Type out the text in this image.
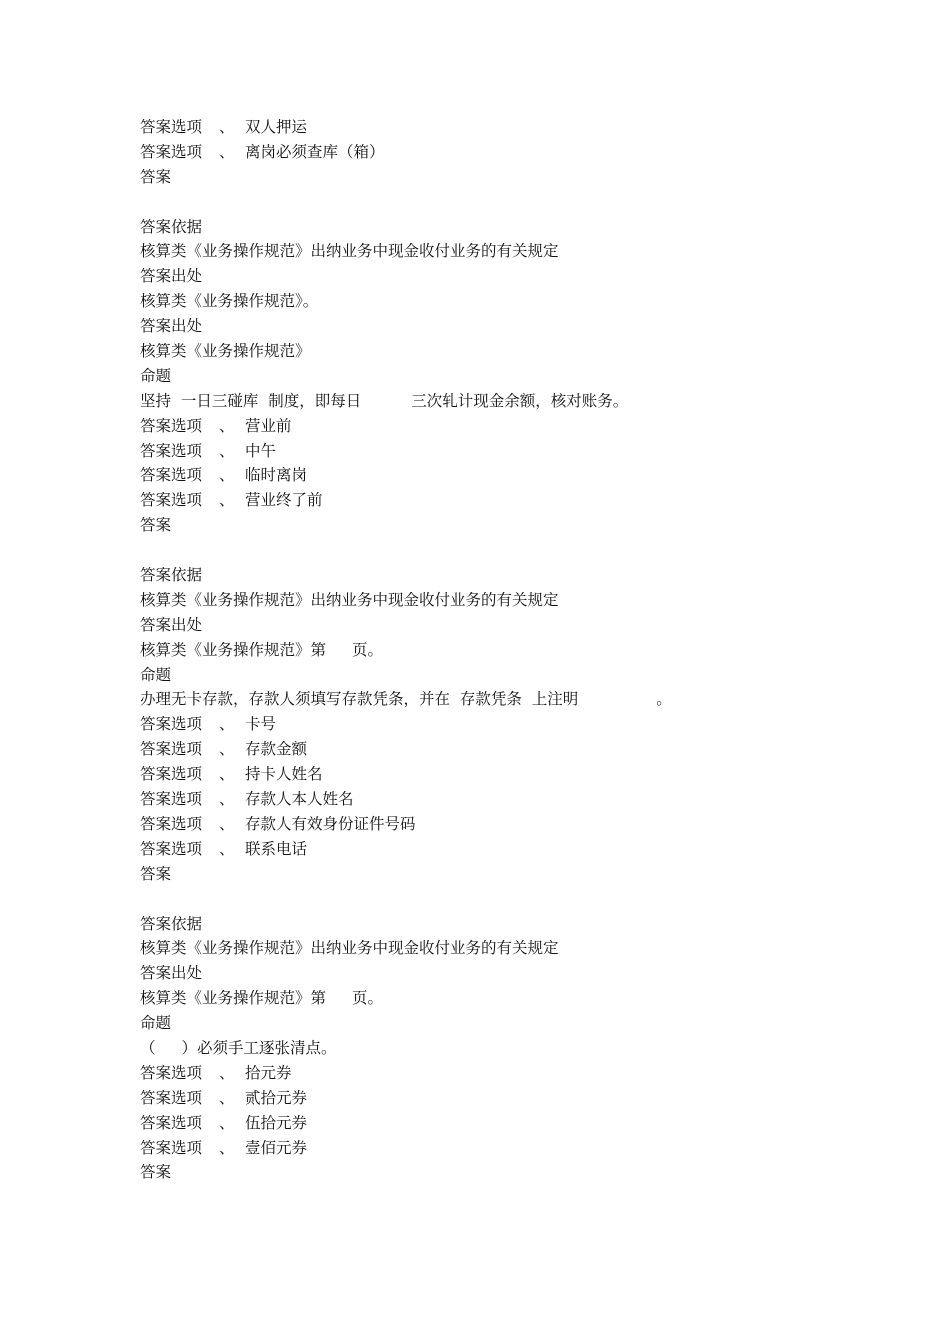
答案选项 、 双人押运
答案选项 、 离岗必须查库（箱）
答案
答案依据
核算类《业务操作规范》出纳业务中现金收付业务的有关规定
答案出处
核算类《业务操作规范》。
答案出处
核算类《业务操作规范》
命题
坚持  一日三碰库  制度，即每日	三次轧计现金余额，核对账务。
答案选项 、 营业前
答案选项 、 中午
答案选项 、 临时离岗
答案选项 、 营业终了前
答案
答案依据
核算类《业务操作规范》出纳业务中现金收付业务的有关规定
答案出处
核算类《业务操作规范》第 页。
命题
办理无卡存款，存款人须填写存款凭条，并在  存款凭条  上注明	。
答案选项 、 卡号
答案选项 、 存款金额
答案选项 、 持卡人姓名
答案选项 、 存款人本人姓名
答案选项 、 存款人有效身份证件号码
答案选项 、 联系电话
答案
答案依据
核算类《业务操作规范》出纳业务中现金收付业务的有关规定
答案出处
核算类《业务操作规范》第 页。
命题
（ ）必须手工逐张清点。
答案选项 、 拾元券
答案选项 、 贰拾元券
答案选项 、 伍拾元券
答案选项 、 壹佰元券
答案
